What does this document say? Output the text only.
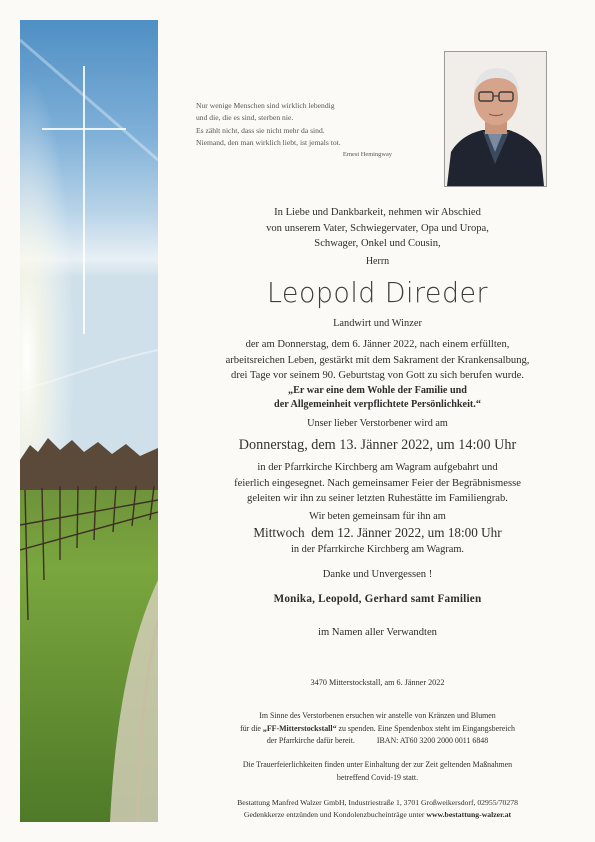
Nur wenige Menschen sind wirklich lebendig
und die, die es sind, sterben nie.
Es zählt nicht, dass sie nicht mehr da sind.
Niemand, den man wirklich liebt, ist jemals tot.
Ernest Hemingway
In Liebe und Dankbarkeit, nehmen wir Abschied
von unserem Vater, Schwiegervater, Opa und Uropa,
Schwager, Onkel und Cousin,
Herrn
Leopold Direder
Landwirt und Winzer
der am Donnerstag, dem 6. Jänner 2022, nach einem erfüllten,
arbeitsreichen Leben, gestärkt mit dem Sakrament der Krankensalbung,
drei Tage vor seinem 90. Geburtstag von Gott zu sich berufen wurde.
„Er war eine dem Wohle der Familie und
der Allgemeinheit verpflichtete Persönlichkeit.“
Unser lieber Verstorbener wird am
Donnerstag, dem 13. Jänner 2022, um 14:00 Uhr
in der Pfarrkirche Kirchberg am Wagram aufgebahrt und
feierlich eingesegnet. Nach gemeinsamer Feier der Begräbnismesse
geleiten wir ihn zu seiner letzten Ruhestätte im Familiengrab.
Wir beten gemeinsam für ihn am
Mittwoch  dem 12. Jänner 2022, um 18:00 Uhr
in der Pfarrkirche Kirchberg am Wagram.
Danke und Unvergessen !
Monika, Leopold, Gerhard samt Familien
im Namen aller Verwandten
3470 Mitterstockstall, am 6. Jänner 2022
Im Sinne des Verstorbenen ersuchen wir anstelle von Kränzen und Blumen
für die „FF-Mitterstockstall“ zu spenden. Eine Spendenbox steht im Eingangsbereich
der Pfarrkirche dafür bereit.	IBAN: AT60 3200 2000 0011 6848
Die Trauerfeierlichkeiten finden unter Einhaltung der zur Zeit geltenden Maßnahmen
betreffend Covid-19 statt.
Bestattung Manfred Walzer GmbH, Industriestraße 1, 3701 Großweikersdorf, 02955/70278
Gedenkkerze entzünden und Kondolenzbucheinträge unter www.bestattung-walzer.at
